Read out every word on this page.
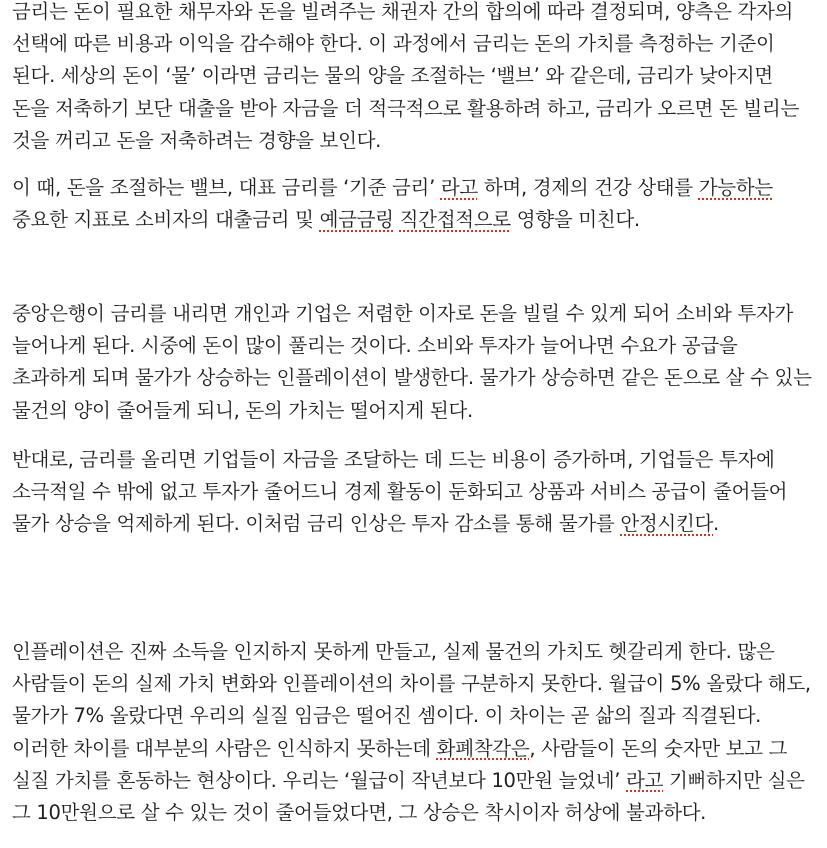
금리는 돈이 필요한 채무자와 돈을 빌려주는 채권자 간의 합의에 따라 결정되며, 양측은 각자의 선택에 따른 비용과 이익을 감수해야 한다. 이 과정에서 금리는 돈의 가치를 측정하는 기준이 된다. 세상의 돈이 ‘물’ 이라면 금리는 물의 양을 조절하는 ‘밸브’ 와 같은데, 금리가 낮아지면 돈을 저축하기 보단 대출을 받아 자금을 더 적극적으로 활용하려 하고, 금리가 오르면 돈 빌리는 것을 꺼리고 돈을 저축하려는 경향을 보인다.

이 때, 돈을 조절하는 밸브, 대표 금리를 ‘기준 금리’ 라고 하며, 경제의 건강 상태를 가능하는 중요한 지표로 소비자의 대출금리 및 예금금링 직간접적으로 영향을 미친다.

중앙은행이 금리를 내리면 개인과 기업은 저렴한 이자로 돈을 빌릴 수 있게 되어 소비와 투자가 늘어나게 된다. 시중에 돈이 많이 풀리는 것이다. 소비와 투자가 늘어나면 수요가 공급을 초과하게 되며 물가가 상승하는 인플레이션이 발생한다. 물가가 상승하면 같은 돈으로 살 수 있는 물건의 양이 줄어들게 되니, 돈의 가치는 떨어지게 된다.

반대로, 금리를 올리면 기업들이 자금을 조달하는 데 드는 비용이 증가하며, 기업들은 투자에 소극적일 수 밖에 없고 투자가 줄어드니 경제 활동이 둔화되고 상품과 서비스 공급이 줄어들어 물가 상승을 억제하게 된다. 이처럼 금리 인상은 투자 감소를 통해 물가를 안정시킨다.

인플레이션은 진짜 소득을 인지하지 못하게 만들고, 실제 물건의 가치도 헷갈리게 한다. 많은 사람들이 돈의 실제 가치 변화와 인플레이션의 차이를 구분하지 못한다. 월급이 5% 올랐다 해도, 물가가 7% 올랐다면 우리의 실질 임금은 떨어진 셈이다. 이 차이는 곧 삶의 질과 직결된다. 이러한 차이를 대부분의 사람은 인식하지 못하는데 화폐착각은, 사람들이 돈의 숫자만 보고 그 실질 가치를 혼동하는 현상이다. 우리는 ‘월급이 작년보다 10만원 늘었네’ 라고 기뻐하지만 실은 그 10만원으로 살 수 있는 것이 줄어들었다면, 그 상승은 착시이자 허상에 불과하다.
